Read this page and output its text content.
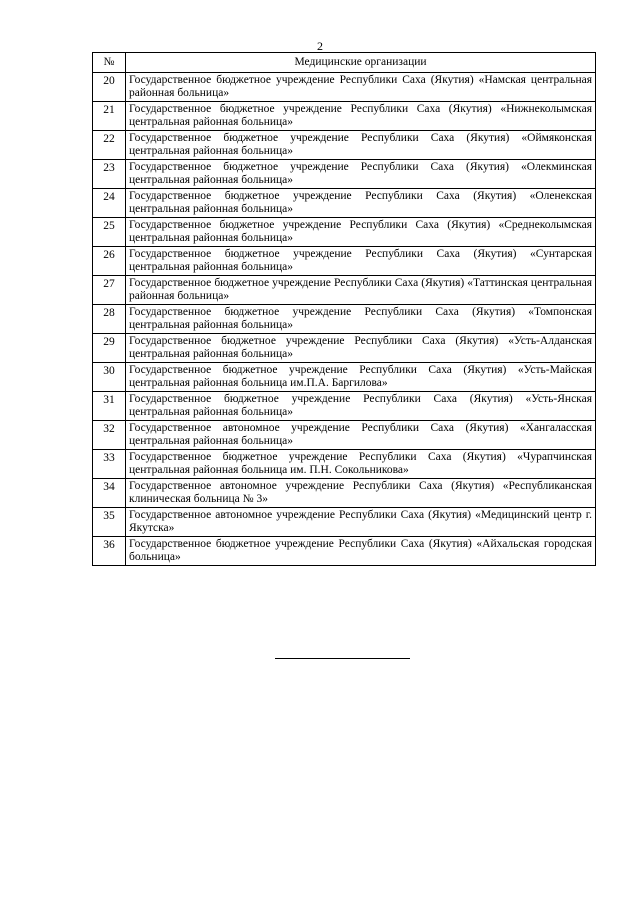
2
№	Медицинские организации
20	Государственное бюджетное учреждение Республики Саха (Якутия) «Намская центральная районная больница»
21	Государственное бюджетное учреждение Республики Саха (Якутия) «Нижнеколымская центральная районная больница»
22	Государственное бюджетное учреждение Республики Саха (Якутия) «Оймяконская центральная районная больница»
23	Государственное бюджетное учреждение Республики Саха (Якутия) «Олекминская центральная районная больница»
24	Государственное бюджетное учреждение Республики Саха (Якутия) «Оленекская центральная районная больница»
25	Государственное бюджетное учреждение Республики Саха (Якутия) «Среднеколымская центральная районная больница»
26	Государственное бюджетное учреждение Республики Саха (Якутия) «Сунтарская центральная районная больница»
27	Государственное бюджетное учреждение Республики Саха (Якутия) «Таттинская центральная районная больница»
28	Государственное бюджетное учреждение Республики Саха (Якутия) «Томпонская центральная районная больница»
29	Государственное бюджетное учреждение Республики Саха (Якутия) «Усть-Алданская центральная районная больница»
30	Государственное бюджетное учреждение Республики Саха (Якутия) «Усть-Майская центральная районная больница им.П.А. Баргилова»
31	Государственное бюджетное учреждение Республики Саха (Якутия) «Усть-Янская центральная районная больница»
32	Государственное автономное учреждение Республики Саха (Якутия) «Хангаласская центральная районная больница»
33	Государственное бюджетное учреждение Республики Саха (Якутия) «Чурапчинская центральная районная больница им. П.Н. Сокольникова»
34	Государственное автономное учреждение Республики Саха (Якутия) «Республиканская клиническая больница № 3»
35	Государственное автономное учреждение Республики Саха (Якутия) «Медицинский центр г. Якутска»
36	Государственное бюджетное учреждение Республики Саха (Якутия) «Айхальская городская больница»
